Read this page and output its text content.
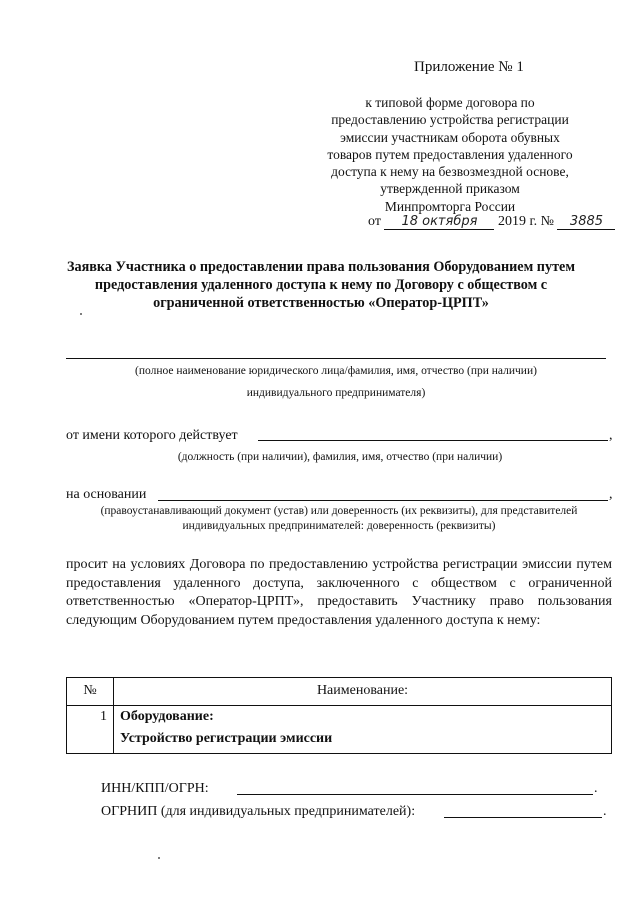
Приложение № 1
к типовой форме договора по
предоставлению устройства регистрации
эмиссии участникам оборота обувных
товаров путем предоставления удаленного
доступа к нему на безвозмездной основе,
утвержденной приказом
Минпромторга России
от 18 октября 2019 г. № 3885
Заявка Участника о предоставлении права пользования Оборудованием путем
предоставления удаленного доступа к нему по Договору с обществом с
ограниченной ответственностью «Оператор-ЦРПТ»
(полное наименование юридического лица/фамилия, имя, отчество (при наличии)
индивидуального предпринимателя)
от имени которого действует	,
(должность (при наличии), фамилия, имя, отчество (при наличии)
на основании	,
(правоустанавливающий документ (устав) или доверенность (их реквизиты), для представителей
индивидуальных предпринимателей: доверенность (реквизиты)
просит на условиях Договора по предоставлению устройства регистрации эмиссии путем предоставления удаленного доступа, заключенного с обществом с ограниченной ответственностью «Оператор-ЦРПТ», предоставить Участнику право пользования следующим Оборудованием путем предоставления удаленного доступа к нему:
№	Наименование:
1	Оборудование:
Устройство регистрации эмиссии
ИНН/КПП/ОГРН:	.
ОГРНИП (для индивидуальных предпринимателей):	.
